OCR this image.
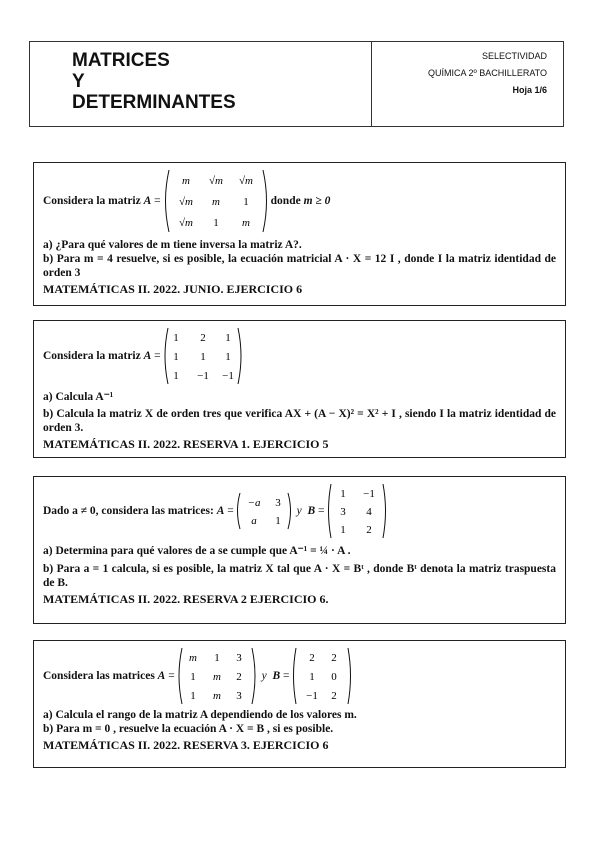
MATRICES
Y
DETERMINANTES
SELECTIVIDAD
QUÍMICA 2º BACHILLERATO
Hoja 1/6
Considera la matriz
A =
m √m √m
√m m 1
√m 1 m
donde
m ≥ 0
a) ¿Para qué valores de m tiene inversa la matriz A?.
b) Para m = 4 resuelve, si es posible, la ecuación matricial A · X = 12 I , donde I la matriz identidad de orden 3
MATEMÁTICAS II. 2022. JUNIO. EJERCICIO 6
Considera la matriz
A =
1 2 1
1 1 1
1 −1 −1
a) Calcula A⁻¹
b) Calcula la matriz X de orden tres que verifica AX + (A − X)² = X² + I , siendo I la matriz identidad de orden 3.
MATEMÁTICAS II. 2022. RESERVA 1. EJERCICIO 5
Dado a ≠ 0, considera las matrices:
A =
−a 3
a 1

y
B =
1 −1
3 4
1 2
a) Determina para qué valores de a se cumple que A⁻¹ = ¼ · A .
b) Para a = 1 calcula, si es posible, la matriz X tal que A · X = Bᵗ , donde Bᵗ denota la matriz traspuesta de B.
MATEMÁTICAS II. 2022. RESERVA 2 EJERCICIO 6.
Considera las matrices
A =
m 1 3
1 m 2
1 m 3

y
B =
2 2
1 0
−1 2
a) Calcula el rango de la matriz A dependiendo de los valores m.
b) Para m = 0 , resuelve la ecuación A · X = B , si es posible.
MATEMÁTICAS II. 2022. RESERVA 3. EJERCICIO 6
